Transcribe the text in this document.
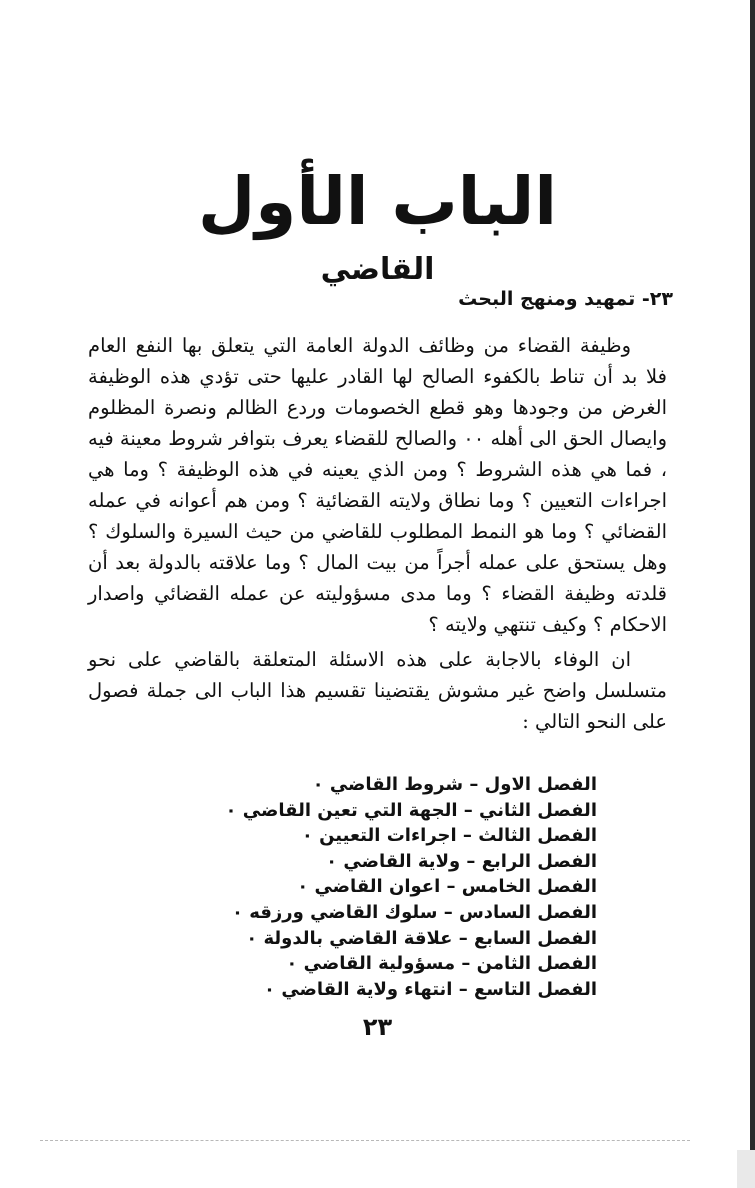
الباب الأول
القاضي
٢٣- تمهيد ومنهج البحث

وظيفة القضاء من وظائف الدولة العامة التي يتعلق بها النفع العام فلا بد أن تناط بالكفوء الصالح لها القادر عليها حتى تؤدي هذه الوظيفة الغرض من وجودها وهو قطع الخصومات وردع الظالم ونصرة المظلوم وايصال الحق الى أهله ٠٠ والصالح للقضاء يعرف بتوافر شروط معينة فيه ، فما هي هذه الشروط ؟ ومن الذي يعينه في هذه الوظيفة ؟ وما هي اجراءات التعيين ؟ وما نطاق ولايته القضائية ؟ ومن هم أعوانه في عمله القضائي ؟ وما هو النمط المطلوب للقاضي من حيث السيرة والسلوك ؟ وهل يستحق على عمله أجراً من بيت المال ؟ وما علاقته بالدولة بعد أن قلدته وظيفة القضاء ؟ وما مدى مسؤوليته عن عمله القضائي واصدار الاحكام ؟ وكيف تنتهي ولايته ؟

ان الوفاء بالاجابة على هذه الاسئلة المتعلقة بالقاضي على نحو متسلسل واضح غير مشوش يقتضينا تقسيم هذا الباب الى جملة فصول على النحو التالي :

الفصل الاول – شروط القاضي ٠
الفصل الثاني – الجهة التي تعين القاضي ٠
الفصل الثالث – اجراءات التعيين ٠
الفصل الرابع – ولاية القاضي ٠
الفصل الخامس – اعوان القاضي ٠
الفصل السادس – سلوك القاضي ورزقه ٠
الفصل السابع – علاقة القاضي بالدولة ٠
الفصل الثامن – مسؤولية القاضي ٠
الفصل التاسع – انتهاء ولاية القاضي ٠
٢٣
